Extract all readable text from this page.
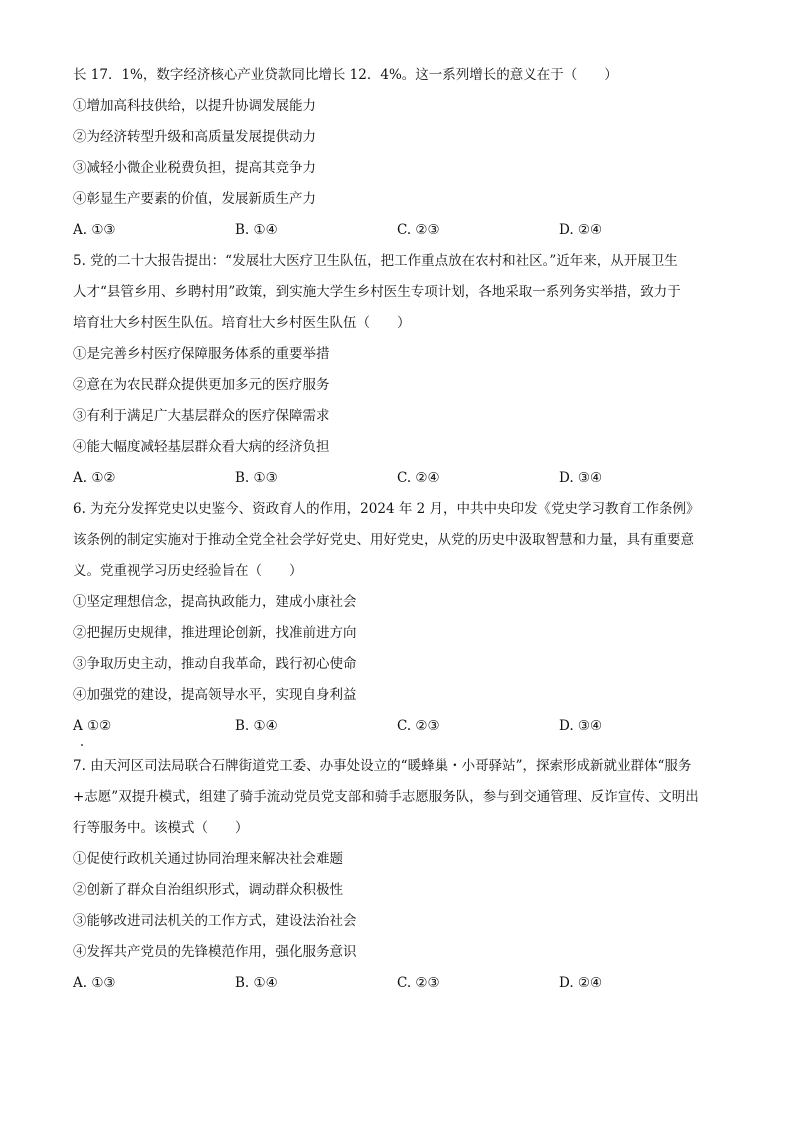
长 17．1%，数字经济核心产业贷款同比增长 12．4%。这一系列增长的意义在于（　　）
①增加高科技供给，以提升协调发展能力
②为经济转型升级和高质量发展提供动力
③减轻小微企业税费负担，提高其竞争力
④彰显生产要素的价值，发展新质生产力
A. ①③	B. ①④	C. ②③	D. ②④
5. 党的二十大报告提出：“发展壮大医疗卫生队伍，把工作重点放在农村和社区。”近年来，从开展卫生
人才“县管乡用、乡聘村用”政策，到实施大学生乡村医生专项计划，各地采取一系列务实举措，致力于
培育壮大乡村医生队伍。培育壮大乡村医生队伍（　　）
①是完善乡村医疗保障服务体系的重要举措
②意在为农民群众提供更加多元的医疗服务
③有利于满足广大基层群众的医疗保障需求
④能大幅度减轻基层群众看大病的经济负担
A. ①②	B. ①③	C. ②④	D. ③④
6. 为充分发挥党史以史鉴今、资政育人的作用，2024 年 2 月，中共中央印发《党史学习教育工作条例》
该条例的制定实施对于推动全党全社会学好党史、用好党史，从党的历史中汲取智慧和力量，具有重要意
义。党重视学习历史经验旨在（　　）
①坚定理想信念，提高执政能力，建成小康社会
②把握历史规律，推进理论创新，找准前进方向
③争取历史主动，推动自我革命，践行初心使命
④加强党的建设，提高领导水平，实现自身利益
A ①②	B. ①④	C. ②③	D. ③④
7. 由天河区司法局联合石牌街道党工委、办事处设立的“暖蜂巢・小哥驿站”，探索形成新就业群体“服务
+志愿”双提升模式，组建了骑手流动党员党支部和骑手志愿服务队，参与到交通管理、反诈宣传、文明出
行等服务中。该模式（　　）
①促使行政机关通过协同治理来解决社会难题
②创新了群众自治组织形式，调动群众积极性
③能够改进司法机关的工作方式，建设法治社会
④发挥共产党员的先锋模范作用，强化服务意识
A. ①③	B. ①④	C. ②③	D. ②④
